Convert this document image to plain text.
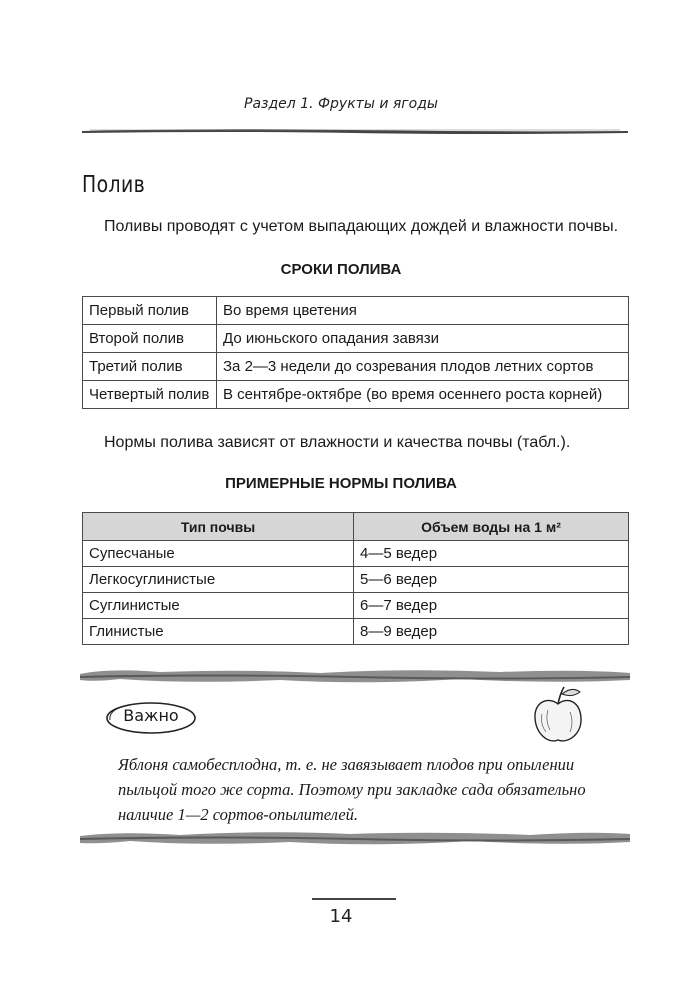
Раздел 1. Фрукты и ягоды
Полив
Поливы проводят с учетом выпадающих дождей и влажности почвы.
СРОКИ ПОЛИВА
Первый полив	Во время цветения
Второй полив	До июньского опадания завязи
Третий полив	За 2—3 недели до созревания плодов летних сортов
Четвертый полив	В сентябре-октябре (во время осеннего роста корней)
Нормы полива зависят от влажности и качества почвы (табл.).
ПРИМЕРНЫЕ НОРМЫ ПОЛИВА
Тип почвы	Объем воды на 1 м²
Супесчаные	4—5 ведер
Легкосуглинистые	5—6 ведер
Суглинистые	6—7 ведер
Глинистые	8—9 ведер
Важно
Яблоня самобесплодна, т. е. не завязывает плодов при опылении
пыльцой того же сорта. Поэтому при закладке сада обязательно
наличие 1—2 сортов-опылителей.
14
